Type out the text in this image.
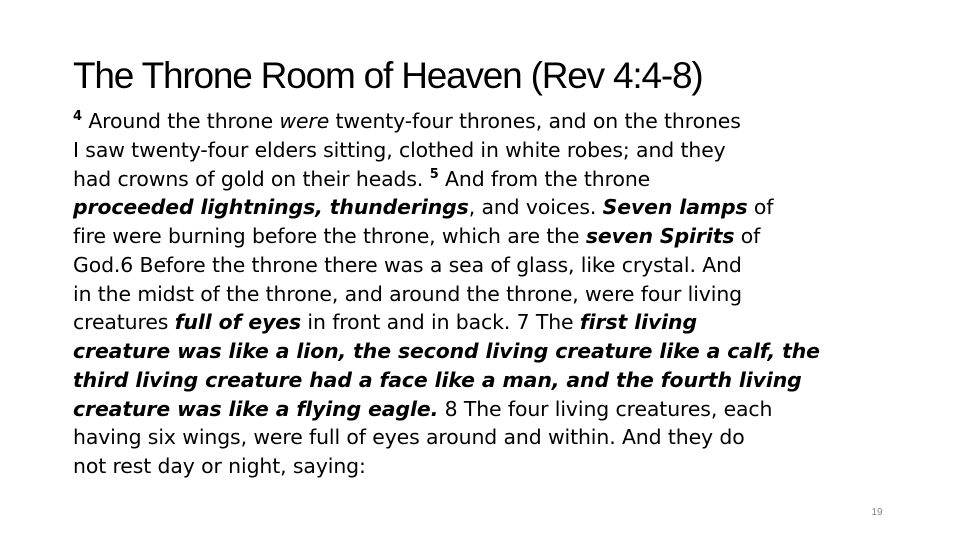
The Throne Room of Heaven (Rev 4:4-8)
$^4$ Around the throne were twenty-four thrones, and on the thrones
I saw twenty-four elders sitting, clothed in white robes; and they
had crowns of gold on their heads. $^5$ And from the throne
proceeded lightnings, thunderings, and voices. Seven lamps of
fire were burning before the throne, which are the seven Spirits of
God.6 Before the throne there was a sea of glass, like crystal. And
in the midst of the throne, and around the throne, were four living
creatures full of eyes in front and in back. 7 The first living
creature was like a lion, the second living creature like a calf, the
third living creature had a face like a man, and the fourth living
creature was like a flying eagle. 8 The four living creatures, each
having six wings, were full of eyes around and within. And they do
not rest day or night, saying:
19
